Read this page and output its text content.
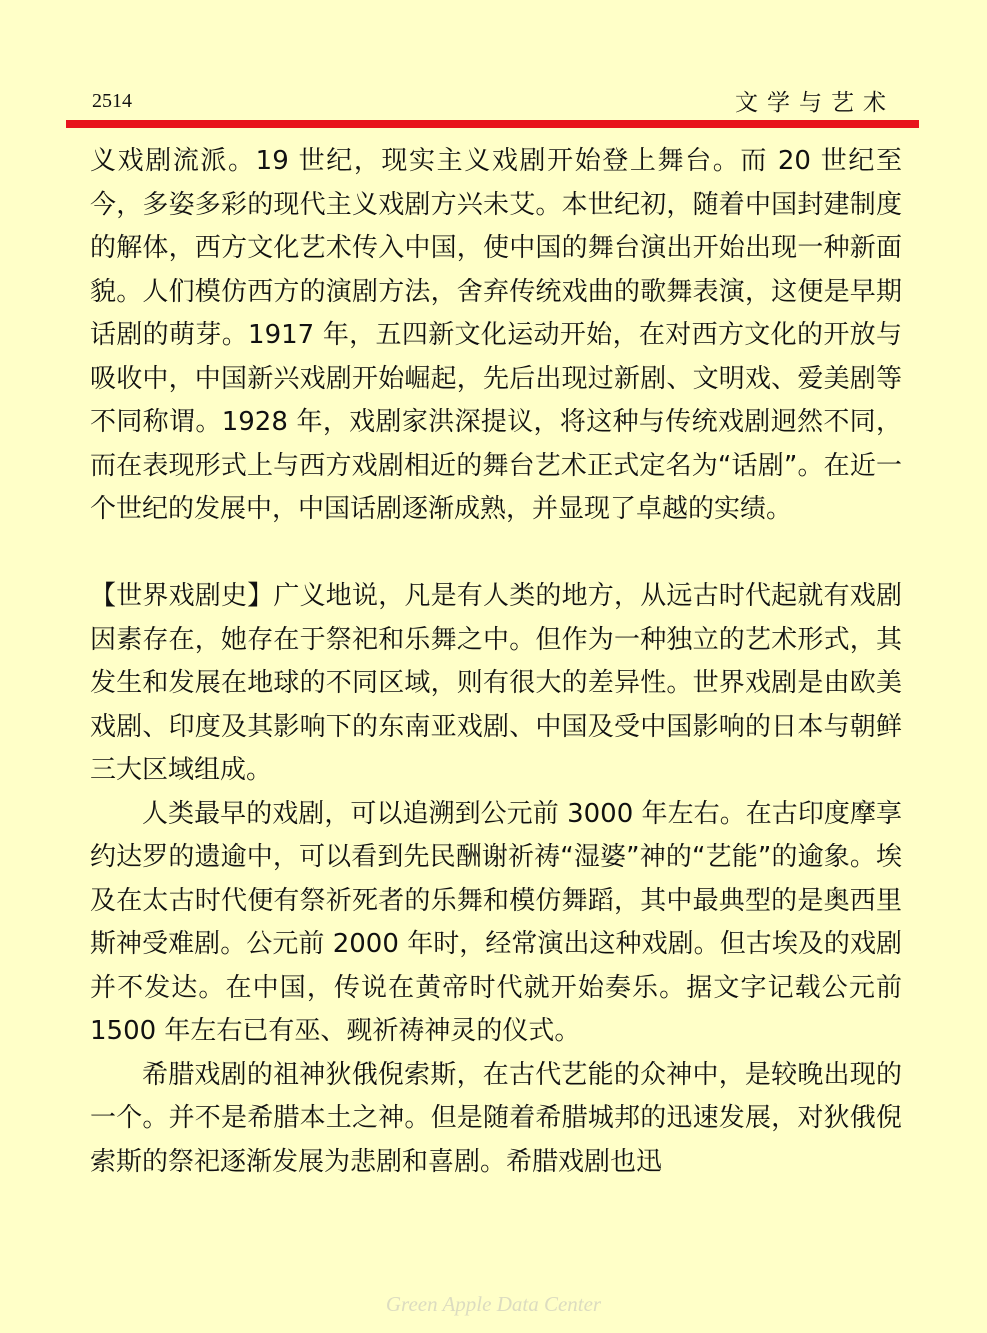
2514	文学与艺术

义戏剧流派。19 世纪，现实主义戏剧开始登上舞台。而 20 世纪至今，多姿多彩的现代主义戏剧方兴未艾。本世纪初，随着中国封建制度的解体，西方文化艺术传入中国，使中国的舞台演出开始出现一种新面貌。人们模仿西方的演剧方法，舍弃传统戏曲的歌舞表演，这便是早期话剧的萌芽。1917 年，五四新文化运动开始，在对西方文化的开放与吸收中，中国新兴戏剧开始崛起，先后出现过新剧、文明戏、爱美剧等不同称谓。1928 年，戏剧家洪深提议，将这种与传统戏剧迥然不同，而在表现形式上与西方戏剧相近的舞台艺术正式定名为“话剧”。在近一个世纪的发展中，中国话剧逐渐成熟，并显现了卓越的实绩。

【世界戏剧史】广义地说，凡是有人类的地方，从远古时代起就有戏剧因素存在，她存在于祭祀和乐舞之中。但作为一种独立的艺术形式，其发生和发展在地球的不同区域，则有很大的差异性。世界戏剧是由欧美戏剧、印度及其影响下的东南亚戏剧、中国及受中国影响的日本与朝鲜三大区域组成。

人类最早的戏剧，可以追溯到公元前 3000 年左右。在古印度摩享约达罗的遗逾中，可以看到先民酬谢祈祷“湿婆”神的“艺能”的逾象。埃及在太古时代便有祭祈死者的乐舞和模仿舞蹈，其中最典型的是奥西里斯神受难剧。公元前 2000 年时，经常演出这种戏剧。但古埃及的戏剧并不发达。在中国，传说在黄帝时代就开始奏乐。据文字记载公元前 1500 年左右已有巫、觋祈祷神灵的仪式。

希腊戏剧的祖神狄俄倪索斯，在古代艺能的众神中，是较晚出现的一个。并不是希腊本土之神。但是随着希腊城邦的迅速发展，对狄俄倪索斯的祭祀逐渐发展为悲剧和喜剧。希腊戏剧也迅

Green Apple Data Center
